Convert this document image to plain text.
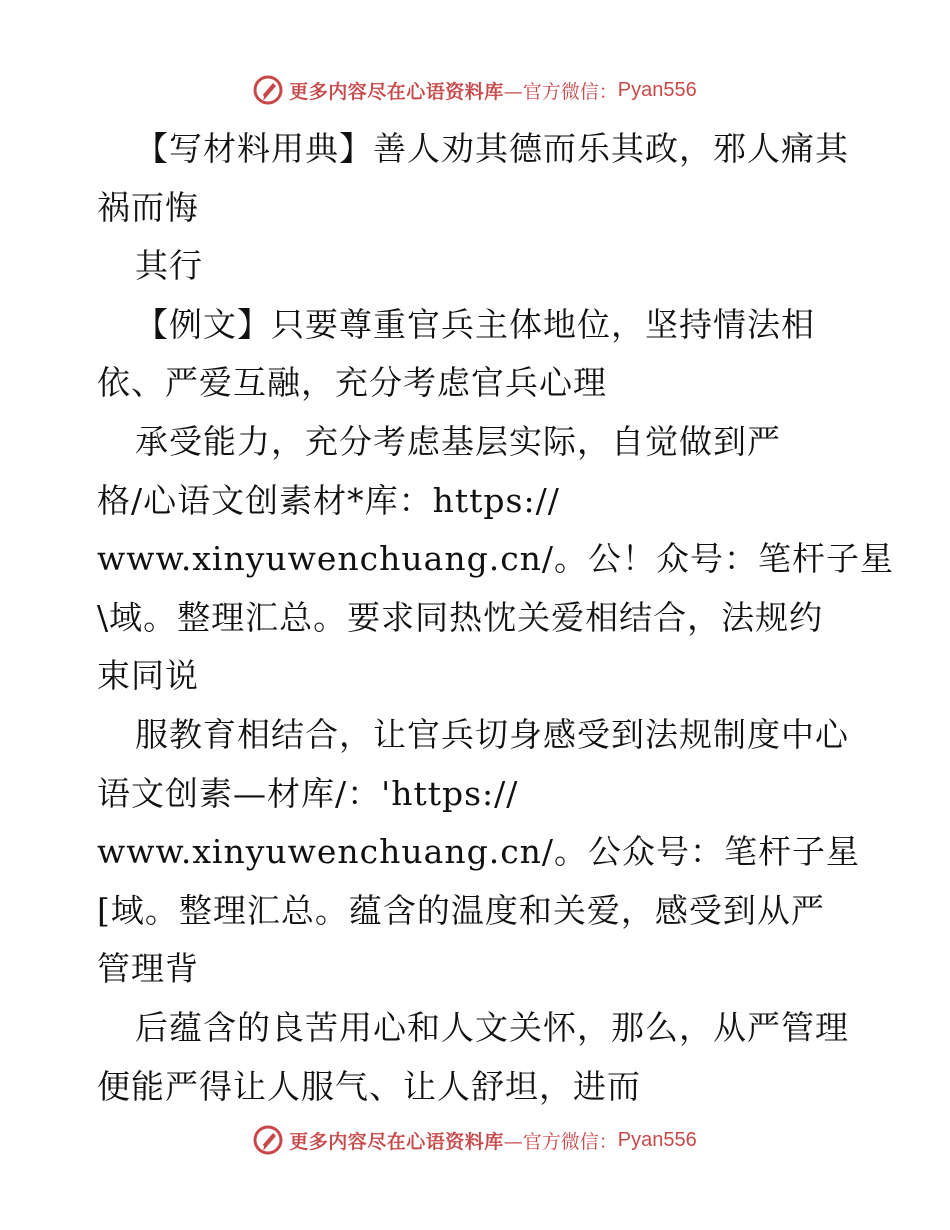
更多内容尽在心语资料库 —官方微信： Pyan556
【写材料用典】善人劝其德而乐其政，邪人痛其
祸而悔
其行
【例文】只要尊重官兵主体地位，坚持情法相
依、严爱互融，充分考虑官兵心理
承受能力，充分考虑基层实际，自觉做到严
格/心语文创素材*库：https://
www.xinyuwenchuang.cn/。公！众号：笔杆子星
\域。整理汇总。要求同热忱关爱相结合，法规约
束同说
服教育相结合，让官兵切身感受到法规制度中心
语文创素—材库/：'https://
www.xinyuwenchuang.cn/。公众号：笔杆子星
[域。整理汇总。蕴含的温度和关爱，感受到从严
管理背
后蕴含的良苦用心和人文关怀，那么，从严管理
便能严得让人服气、让人舒坦，进而
更多内容尽在心语资料库 —官方微信： Pyan556
